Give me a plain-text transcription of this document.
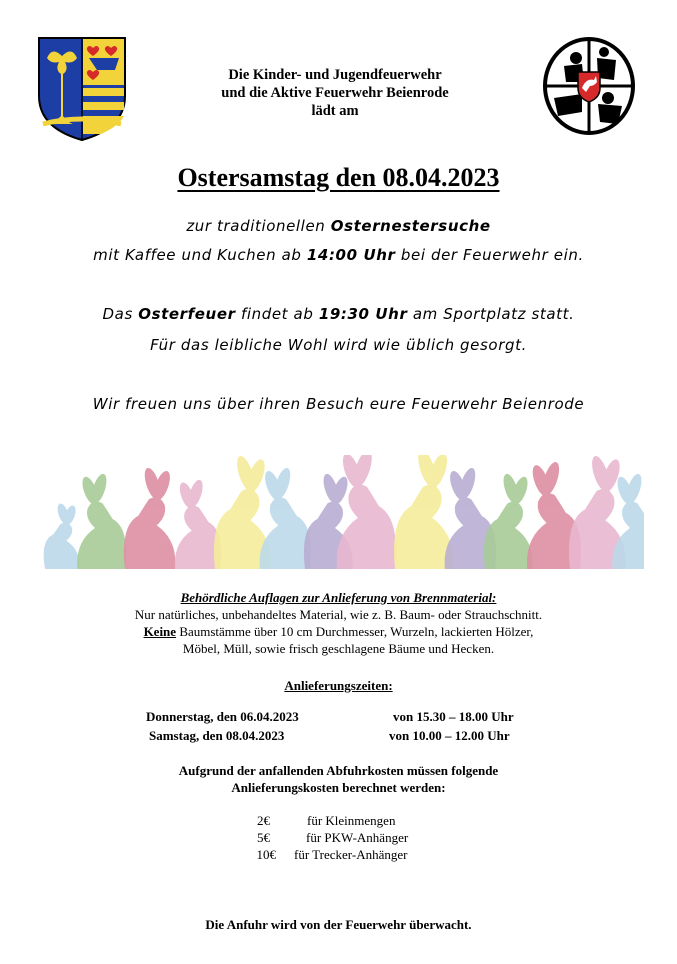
Die Kinder- und Jugendfeuerwehr
und die Aktive Feuerwehr Beienrode
lädt am
Ostersamstag den 08.04.2023
zur traditionellen Osternestersuche
mit Kaffee und Kuchen ab 14:00 Uhr bei der Feuerwehr ein.
Das Osterfeuer findet ab 19:30 Uhr am Sportplatz statt.
Für das leibliche Wohl wird wie üblich gesorgt.
Wir freuen uns über ihren Besuch eure Feuerwehr Beienrode
Behördliche Auflagen zur Anlieferung von Brennmaterial:
Nur natürliches, unbehandeltes Material, wie z. B. Baum- oder Strauchschnitt.
Keine Baumstämme über 10 cm Durchmesser, Wurzeln, lackierten Hölzer,
Möbel, Müll, sowie frisch geschlagene Bäume und Hecken.
Anlieferungszeiten:
Donnerstag, den 06.04.2023	von 15.30 – 18.00 Uhr
Samstag, den 08.04.2023	von 10.00 – 12.00 Uhr
Aufgrund der anfallenden Abfuhrkosten müssen folgende
Anlieferungskosten berechnet werden:
2€	für Kleinmengen
5€	für PKW-Anhänger
10€ für Trecker-Anhänger
Die Anfuhr wird von der Feuerwehr überwacht.
